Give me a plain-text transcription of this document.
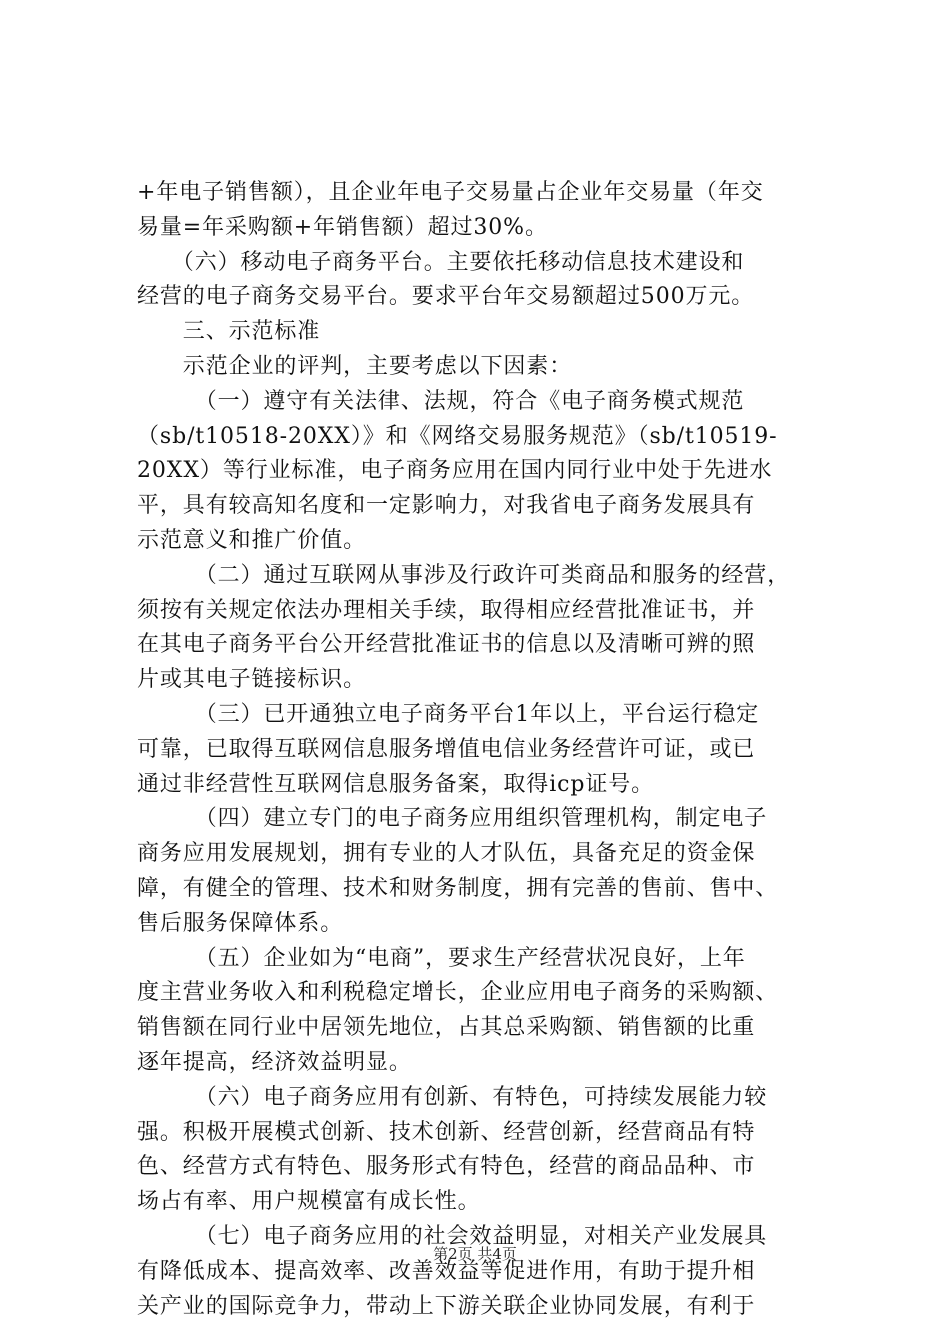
+年电子销售额），且企业年电子交易量占企业年交易量（年交
易量=年采购额+年销售额）超过30%。
　　（六）移动电子商务平台。主要依托移动信息技术建设和
经营的电子商务交易平台。要求平台年交易额超过500万元。
　　三、示范标准
　　示范企业的评判，主要考虑以下因素：
　　　（一）遵守有关法律、法规，符合《电子商务模式规范
（sb/t10518-20XX）》和《网络交易服务规范》（sb/t10519-
20XX）等行业标准，电子商务应用在国内同行业中处于先进水
平，具有较高知名度和一定影响力，对我省电子商务发展具有
示范意义和推广价值。
　　　（二）通过互联网从事涉及行政许可类商品和服务的经营，
须按有关规定依法办理相关手续，取得相应经营批准证书，并
在其电子商务平台公开经营批准证书的信息以及清晰可辨的照
片或其电子链接标识。
　　　（三）已开通独立电子商务平台1年以上，平台运行稳定
可靠，已取得互联网信息服务增值电信业务经营许可证，或已
通过非经营性互联网信息服务备案，取得icp证号。
　　　（四）建立专门的电子商务应用组织管理机构，制定电子
商务应用发展规划，拥有专业的人才队伍，具备充足的资金保
障，有健全的管理、技术和财务制度，拥有完善的售前、售中、
售后服务保障体系。
　　　（五）企业如为“电商”，要求生产经营状况良好，上年
度主营业务收入和利税稳定增长，企业应用电子商务的采购额、
销售额在同行业中居领先地位，占其总采购额、销售额的比重
逐年提高，经济效益明显。
　　　（六）电子商务应用有创新、有特色，可持续发展能力较
强。积极开展模式创新、技术创新、经营创新，经营商品有特
色、经营方式有特色、服务形式有特色，经营的商品品种、市
场占有率、用户规模富有成长性。
　　　（七）电子商务应用的社会效益明显，对相关产业发展具
有降低成本、提高效率、改善效益等促进作用，有助于提升相
关产业的国际竞争力，带动上下游关联企业协同发展，有利于
第2页 共4页
